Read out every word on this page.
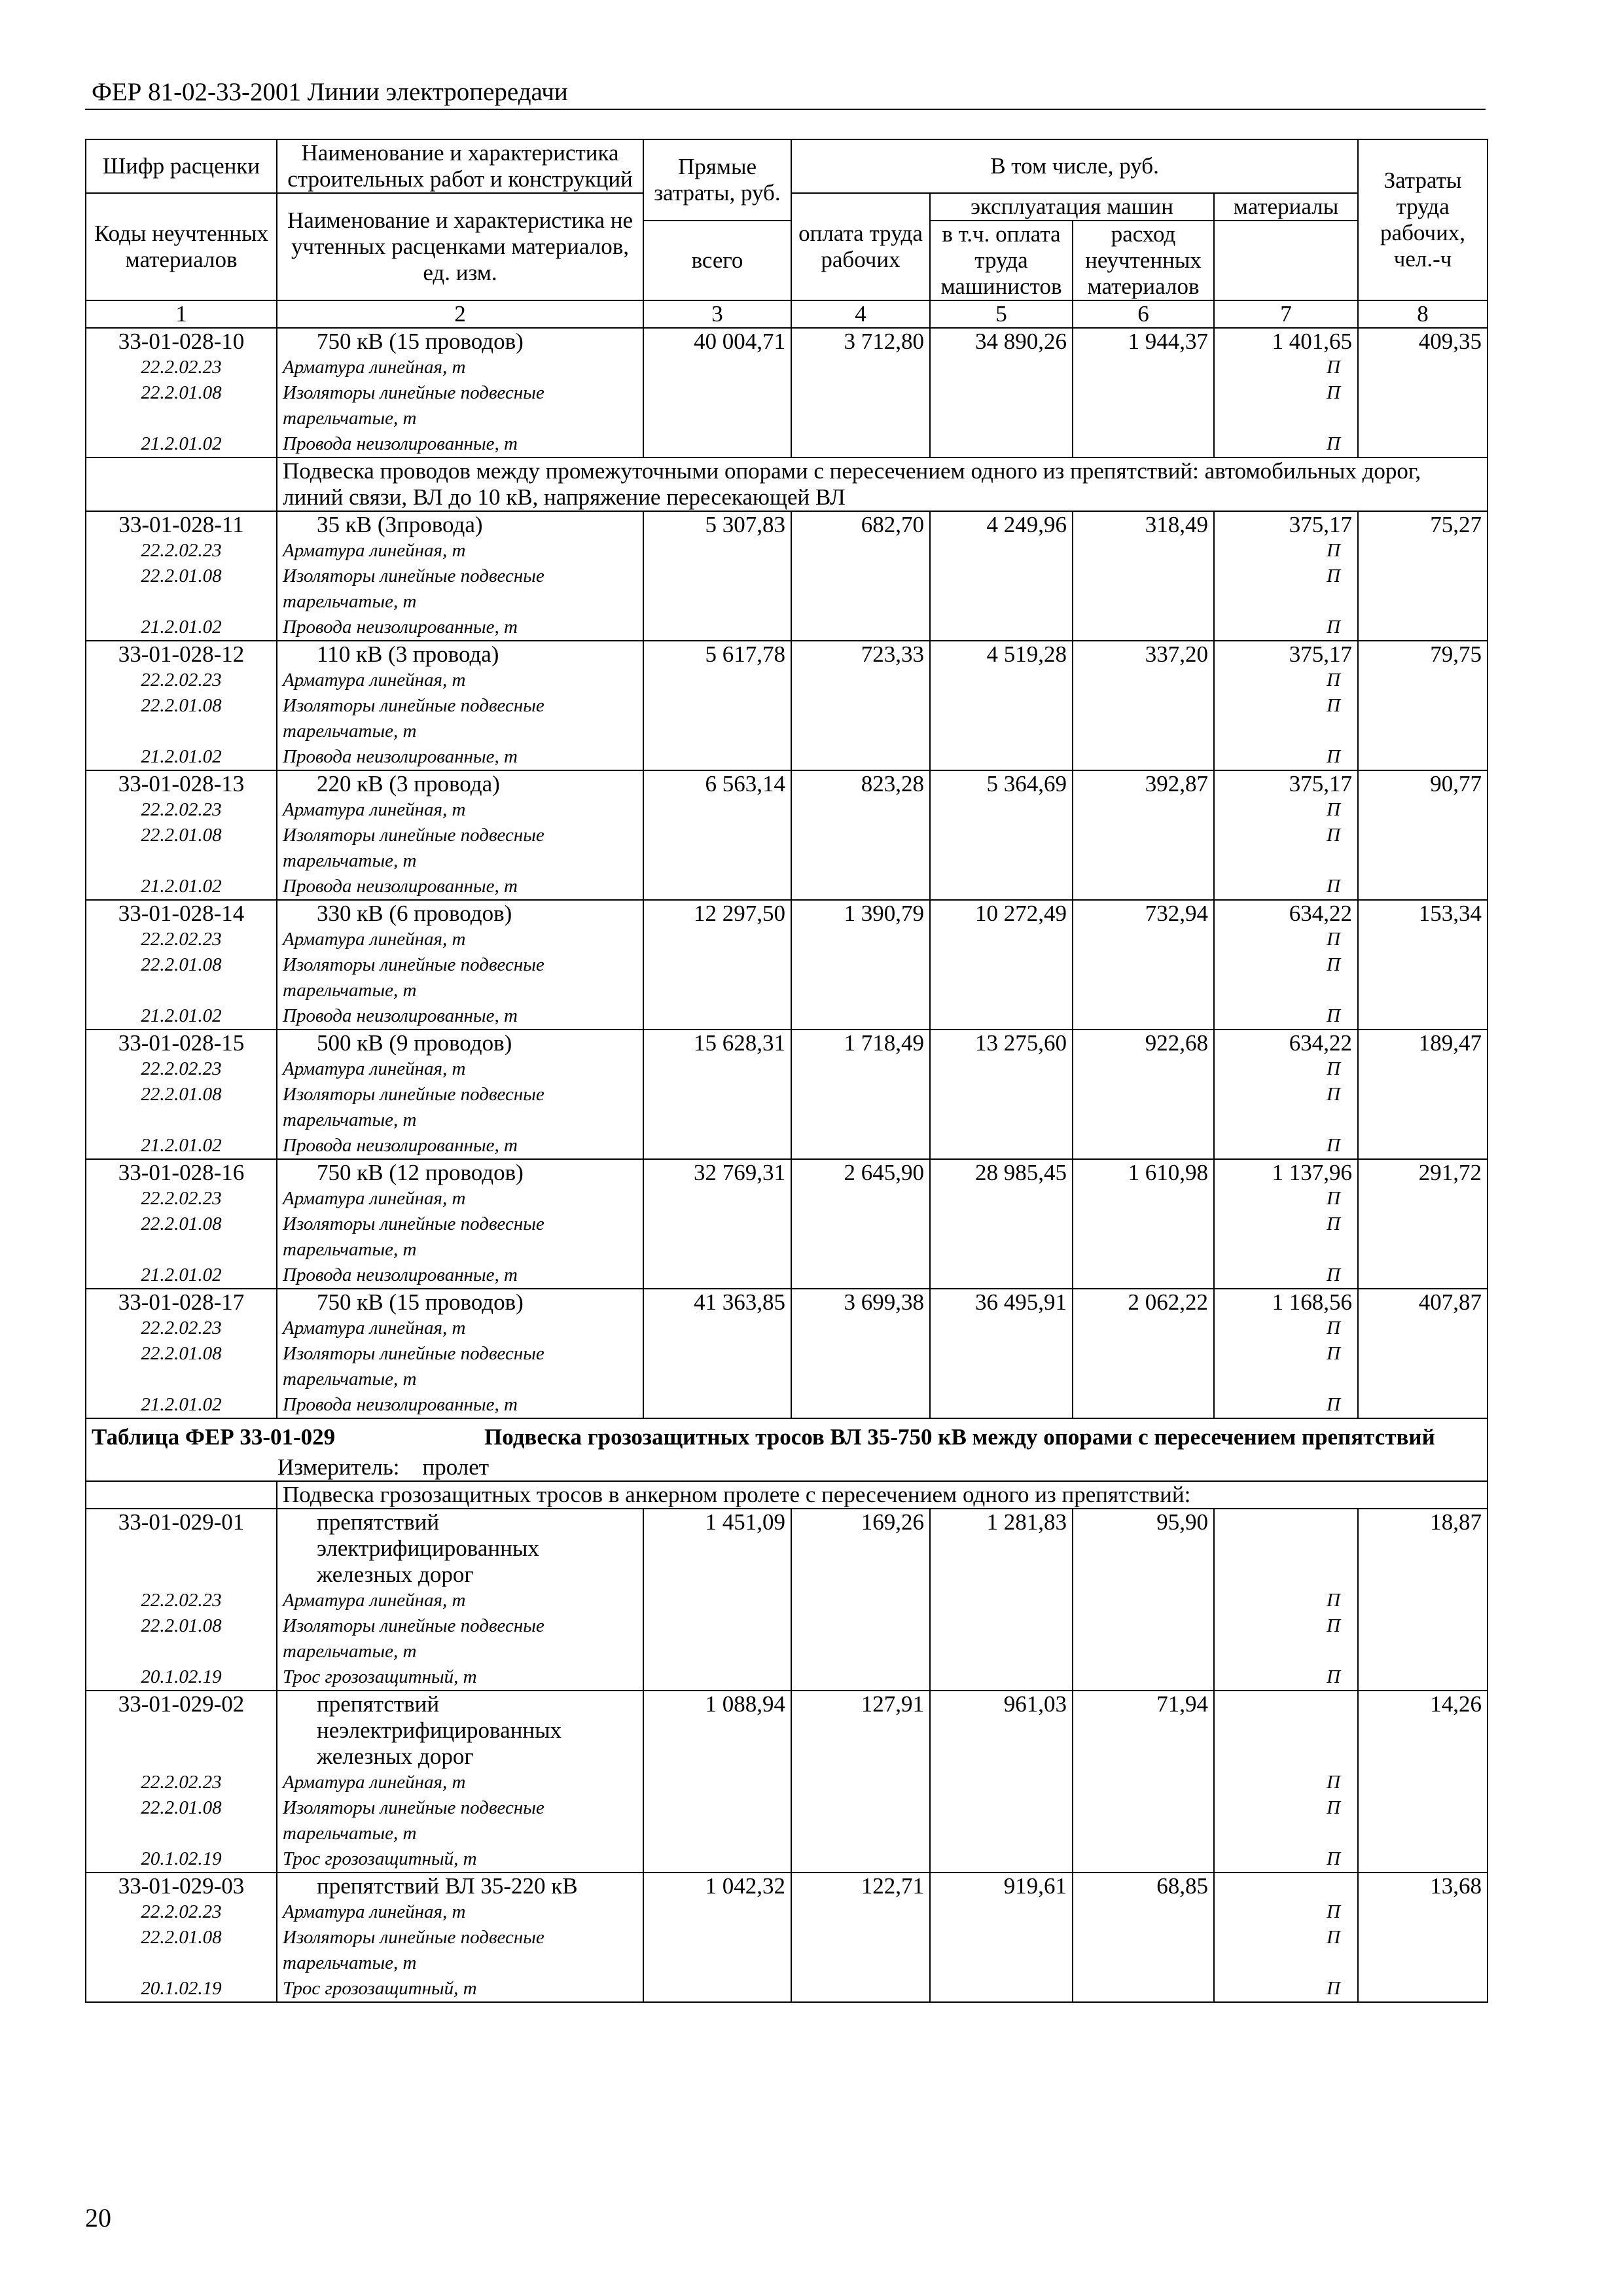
ФЕР 81-02-33-2001 Линии электропередачи
Шифр расценки	Наименование и характеристика строительных работ и конструкций	Прямые затраты, руб.	В том числе, руб.				Затраты труда рабочих, чел.-ч
Коды неучтенных материалов	Наименование и характеристика не учтенных расценками материалов, ед. изм.						
			оплата труда рабочих	эксплуатация машин		материалы	
		всего		в т.ч. оплата труда машинистов	расход неучтенных материалов		
1	2	3	4	5	6	7	8
33-01-028-10	750 кВ (15 проводов)	40 004,71	3 712,80	34 890,26	1 944,37	1 401,65	409,35
22.2.02.23	Арматура линейная, т					П	
22.2.01.08	Изоляторы линейные подвесные					П	
	тарельчатые, т						
21.2.01.02	Провода неизолированные, т					П	
	Подвеска проводов между промежуточными опорами с пересечением одного из препятствий: автомобильных дорог, линий связи, ВЛ до 10 кВ, напряжение пересекающей ВЛ						
33-01-028-11	35 кВ (3провода)	5 307,83	682,70	4 249,96	318,49	375,17	75,27
22.2.02.23	Арматура линейная, т					П	
22.2.01.08	Изоляторы линейные подвесные					П	
	тарельчатые, т						
21.2.01.02	Провода неизолированные, т					П	
33-01-028-12	110 кВ (3 провода)	5 617,78	723,33	4 519,28	337,20	375,17	79,75
22.2.02.23	Арматура линейная, т					П	
22.2.01.08	Изоляторы линейные подвесные					П	
	тарельчатые, т						
21.2.01.02	Провода неизолированные, т					П	
33-01-028-13	220 кВ (3 провода)	6 563,14	823,28	5 364,69	392,87	375,17	90,77
22.2.02.23	Арматура линейная, т					П	
22.2.01.08	Изоляторы линейные подвесные					П	
	тарельчатые, т						
21.2.01.02	Провода неизолированные, т					П	
33-01-028-14	330 кВ (6 проводов)	12 297,50	1 390,79	10 272,49	732,94	634,22	153,34
22.2.02.23	Арматура линейная, т					П	
22.2.01.08	Изоляторы линейные подвесные					П	
	тарельчатые, т						
21.2.01.02	Провода неизолированные, т					П	
33-01-028-15	500 кВ (9 проводов)	15 628,31	1 718,49	13 275,60	922,68	634,22	189,47
22.2.02.23	Арматура линейная, т					П	
22.2.01.08	Изоляторы линейные подвесные					П	
	тарельчатые, т						
21.2.01.02	Провода неизолированные, т					П	
33-01-028-16	750 кВ (12 проводов)	32 769,31	2 645,90	28 985,45	1 610,98	1 137,96	291,72
22.2.02.23	Арматура линейная, т					П	
22.2.01.08	Изоляторы линейные подвесные					П	
	тарельчатые, т						
21.2.01.02	Провода неизолированные, т					П	
33-01-028-17	750 кВ (15 проводов)	41 363,85	3 699,38	36 495,91	2 062,22	1 168,56	407,87
22.2.02.23	Арматура линейная, т					П	
22.2.01.08	Изоляторы линейные подвесные					П	
	тарельчатые, т						
21.2.01.02	Провода неизолированные, т					П	
Таблица ФЕР 33-01-029 Подвеска грозозащитных тросов ВЛ 35-750 кВ между опорами с пересечением препятствий							
Измеритель: пролет							
	Подвеска грозозащитных тросов в анкерном пролете с пересечением одного из препятствий:						
33-01-029-01	препятствий	1 451,09	169,26	1 281,83	95,90		18,87
	электрифицированных						
	железных дорог						
22.2.02.23	Арматура линейная, т					П	
22.2.01.08	Изоляторы линейные подвесные					П	
	тарельчатые, т						
20.1.02.19	Трос грозозащитный, т					П	
33-01-029-02	препятствий	1 088,94	127,91	961,03	71,94		14,26
	неэлектрифицированных						
	железных дорог						
22.2.02.23	Арматура линейная, т					П	
22.2.01.08	Изоляторы линейные подвесные					П	
	тарельчатые, т						
20.1.02.19	Трос грозозащитный, т					П	
33-01-029-03	препятствий ВЛ 35-220 кВ	1 042,32	122,71	919,61	68,85		13,68
22.2.02.23	Арматура линейная, т					П	
22.2.01.08	Изоляторы линейные подвесные					П	
	тарельчатые, т						
20.1.02.19	Трос грозозащитный, т					П	
20
